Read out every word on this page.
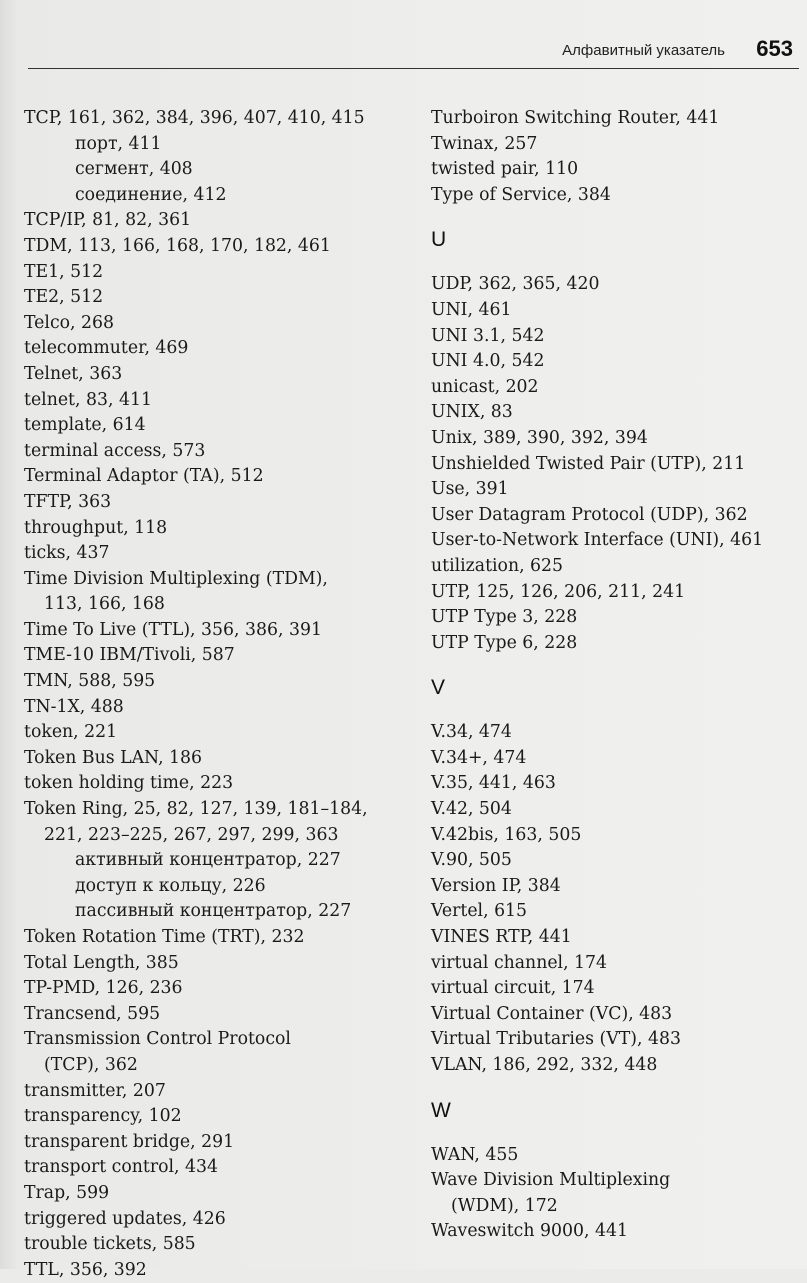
Алфавитный указатель 653
TCP, 161, 362, 384, 396, 407, 410, 415
порт, 411
сегмент, 408
соединение, 412
TCP/IP, 81, 82, 361
TDM, 113, 166, 168, 170, 182, 461
TE1, 512
TE2, 512
Telco, 268
telecommuter, 469
Telnet, 363
telnet, 83, 411
template, 614
terminal access, 573
Terminal Adaptor (TA), 512
TFTP, 363
throughput, 118
ticks, 437
Time Division Multiplexing (TDM),
113, 166, 168
Time To Live (TTL), 356, 386, 391
TME-10 IBM/Tivoli, 587
TMN, 588, 595
TN-1X, 488
token, 221
Token Bus LAN, 186
token holding time, 223
Token Ring, 25, 82, 127, 139, 181–184,
221, 223–225, 267, 297, 299, 363
активный концентратор, 227
доступ к кольцу, 226
пассивный концентратор, 227
Token Rotation Time (TRT), 232
Total Length, 385
TP-PMD, 126, 236
Trancsend, 595
Transmission Control Protocol
(TCP), 362
transmitter, 207
transparency, 102
transparent bridge, 291
transport control, 434
Trap, 599
triggered updates, 426
trouble tickets, 585
TTL, 356, 392
Turboiron Switching Router, 441
Twinax, 257
twisted pair, 110
Type of Service, 384
U
UDP, 362, 365, 420
UNI, 461
UNI 3.1, 542
UNI 4.0, 542
unicast, 202
UNIX, 83
Unix, 389, 390, 392, 394
Unshielded Twisted Pair (UTP), 211
Use, 391
User Datagram Protocol (UDP), 362
User-to-Network Interface (UNI), 461
utilization, 625
UTP, 125, 126, 206, 211, 241
UTP Type 3, 228
UTP Type 6, 228
V
V.34, 474
V.34+, 474
V.35, 441, 463
V.42, 504
V.42bis, 163, 505
V.90, 505
Version IP, 384
Vertel, 615
VINES RTP, 441
virtual channel, 174
virtual circuit, 174
Virtual Container (VC), 483
Virtual Tributaries (VT), 483
VLAN, 186, 292, 332, 448
W
WAN, 455
Wave Division Multiplexing
(WDM), 172
Waveswitch 9000, 441
